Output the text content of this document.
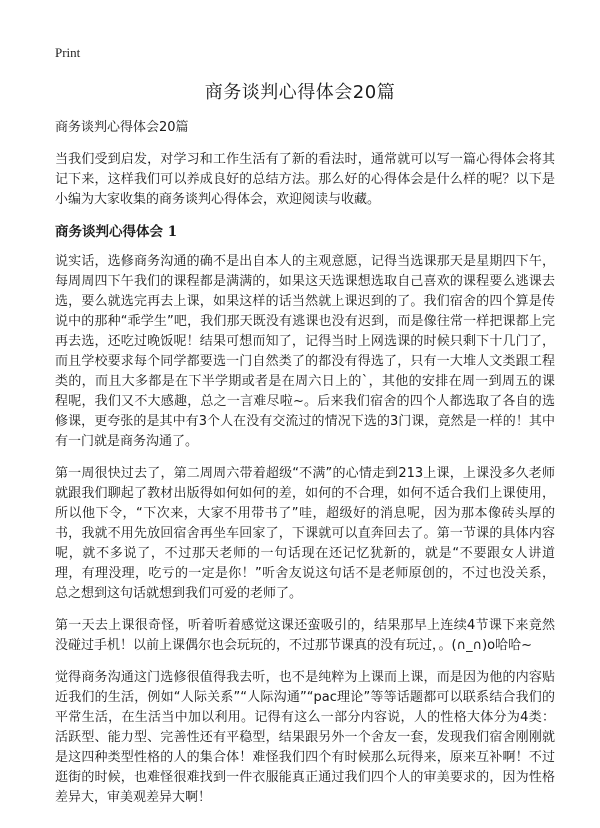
Print
商务谈判心得体会20篇

商务谈判心得体会20篇

当我们受到启发，对学习和工作生活有了新的看法时，通常就可以写一篇心得体会将其记下来，这样我们可以养成良好的总结方法。那么好的心得体会是什么样的呢？以下是小编为大家收集的商务谈判心得体会，欢迎阅读与收藏。

商务谈判心得体会 1

说实话，选修商务沟通的确不是出自本人的主观意愿，记得当选课那天是星期四下午，每周周四下午我们的课程都是满满的，如果这天选课想选取自己喜欢的课程要么逃课去选，要么就选完再去上课，如果这样的话当然就上课迟到的了。我们宿舍的四个算是传说中的那种“乖学生”吧，我们那天既没有逃课也没有迟到，而是像往常一样把课都上完再去选，还吃过晚饭呢！结果可想而知了，记得当时上网选课的时候只剩下十几门了，而且学校要求每个同学都要选一门自然类了的都没有得选了，只有一大堆人文类跟工程类的，而且大多都是在下半学期或者是在周六日上的`，其他的安排在周一到周五的课程呢，我们又不大感趣，总之一言难尽啦~。后来我们宿舍的四个人都选取了各自的选修课，更夸张的是其中有3个人在没有交流过的情况下选的3门课，竟然是一样的！其中有一门就是商务沟通了。

第一周很快过去了，第二周周六带着超级“不满”的心情走到213上课，上课没多久老师就跟我们聊起了教材出版得如何如何的差，如何的不合理，如何不适合我们上课使用，所以他下令，“下次来，大家不用带书了”哇，超级好的消息呢，因为那本像砖头厚的书，我就不用先放回宿舍再坐车回家了，下课就可以直奔回去了。第一节课的具体内容呢，就不多说了，不过那天老师的一句话现在还记忆犹新的，就是“不要跟女人讲道理，有理没理，吃亏的一定是你！”听舍友说这句话不是老师原创的，不过也没关系，总之想到这句话就想到我们可爱的老师了。

第一天去上课很奇怪，听着听着感觉这课还蛮吸引的，结果那早上连续4节课下来竟然没碰过手机！以前上课偶尔也会玩玩的，不过那节课真的没有玩过，。(∩_∩)o哈哈~

觉得商务沟通这门选修很值得我去听，也不是纯粹为上课而上课，而是因为他的内容贴近我们的生活，例如“人际关系”“人际沟通”“pac理论”等等话题都可以联系结合我们的平常生活，在生活当中加以利用。记得有这么一部分内容说，人的性格大体分为4类：活跃型、能力型、完善性还有平稳型，结果跟另外一个舍友一套，发现我们宿舍刚刚就是这四种类型性格的人的集合体！难怪我们四个有时候那么玩得来，原来互补啊！不过逛街的时候，也难怪很难找到一件衣服能真正通过我们四个人的审美要求的，因为性格差异大，审美观差异大啊！
